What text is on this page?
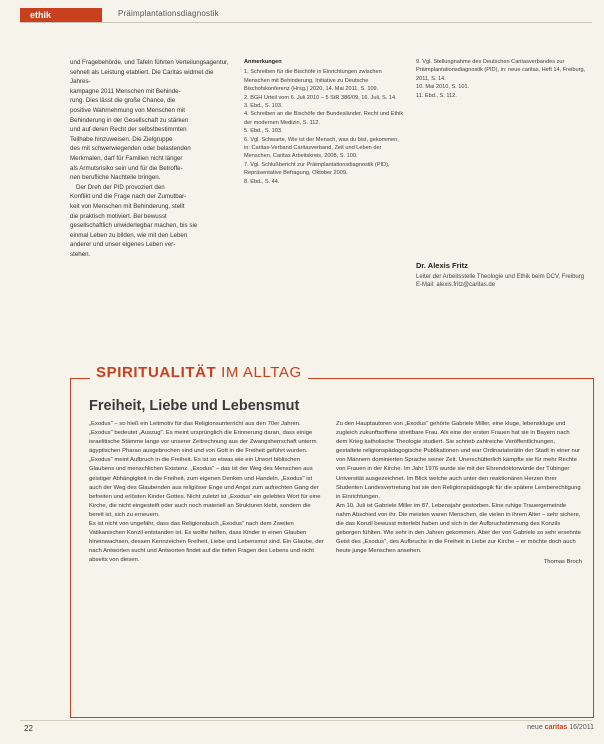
ethik	Präimplantationsdiagnostik

und Fragebehörde, und Tafeln führten Verteilungsagentur, sehnell als Leistung etabliert. Die Caritas widmet die Jahres-

kampagne 2011 Menschen mit Behinde-

rung. Dies lässt die große Chance, die

positive Wahrnehmung von Menschen mit

Behinderung in der Gesellschaft zu stärken

und auf deren Recht der selbstbestimmten

Teilhabe hinzuweisen. Die Zielgruppe

des mit schwerwiegenden oder belastenden

Merkmalen, darf für Familien nicht länger

als Armutsrisiko sein und für die Betroffe-

nen berufliche Nachteile bringen.

Der Dreh der PID provoziert den

Konflikt und die Frage nach der Zumutbar-

keit von Menschen mit Behinderung, stellt

die praktisch motiviert. Bei bewusst

gesellschaftlich unwiderlegbar machen, bis sie

einmal Leben zu bilden, wie mit den Leben

anderer und unser eigenes Leben ver-

stehen.

Anmerkungen
1. Schreiben für die Bischöfe in Einrichtungen zwischen Menschen mit Behinderung, Initiative zu Deutsche Bischofskonferenz (Hrsg.) 2020, 14. Mai 2011, S. 109.
2. BGH Urteil vom 6. Juli 2010 – 5 StR 386/09, 16. Juli, S. 14.
3. Ebd., S. 103.
4. Schreiben an die Bischöfe der Bundesländer, Recht und Ethik der modernen Medizin, S. 112.
5. Ebd., S. 103.
6. Vgl. Schwarte, Wie ist der Mensch, was du bist, gekommen, in: Caritas-Verband Caritasverband, Zeit und Leben der Menschen, Caritas Arbeitskreis, 2008, S. 100.
7. Vgl. Schlußbericht zur Präimplantationsdiagnostik (PID), Repräsentative Befragung, Oktober 2009.
8. Ebd., S. 44.
9. Vgl. Stellungnahme des Deutschen Caritasverbandes zur Präimplantationsdiagnostik (PID), in: neue caritas, Heft 14, Freiburg, 2011, S. 14.
10. Mai 2010, S. 101.
11. Ebd., S. 112.
Dr. Alexis Fritz
Leiter der Arbeitsstelle Theologie und Ethik beim DCV, Freiburg
E-Mail: alexis.fritz@caritas.de
SPIRITUALITÄT IM ALLTAG
Freiheit, Liebe und Lebensmut

„Exodus" – so hieß ein Leitmotiv für das Religionsunterricht aus den 70er Jahren. „Exodus" bedeutet „Auszug". Es meint ursprünglich die Erinnerung daran, dass einige israelitische Stämme lange vor unserer Zeitrechnung aus der Zwangsherrschaft unterm ägyptischen Pharao ausgebrochen sind und von Gott in die Freiheit geführt wurden. „Exodus" meint Aufbruch in die Freiheit. Es ist so etwas wie ein Urwort biblischen Glaubens und menschlichen Existenz. „Exodus" – das ist der Weg des Menschen aus geistiger Abhängigkeit in die Freiheit, zum eigenen Denken und Handeln. „Exodus" ist auch der Weg des Glaubenden aus religiöser Enge und Angst zum aufrechten Gang der befreiten und erlösten Kinder Gottes. Nicht zuletzt ist „Exodus" ein gelebtes Wort für eine Kirche, die nicht eingesteift oder auch noch materiell an Strukturen klebt, sondern die bereit ist, sich zu erneuern.

Es ist nicht von ungefähr, dass das Religionsbuch „Exodus" nach dem Zweiten Vatikanischen Konzil entstanden ist. Es wollte helfen, dass Kinder in einen Glauben hineinwachsen, dessen Kennzeichen Freiheit, Liebe und Lebensmut sind. Ein Glaube, der nach Antworten sucht und Antworten findet auf die tiefen Fragen des Lebens und nicht abseits von diesen.

Zu den Hauptautoren von „Exodus" gehörte Gabriele Miller, eine kluge, lebenskluge und zugleich zukunftsoffene streitbare Frau. Als eine der ersten Frauen hat sie in Bayern nach dem Krieg katholische Theologie studiert. Sie schrieb zahlreiche Veröffentlichungen, gestaltete religionspädagogische Publikationen und war Ordinariatsrätin der Stadt in einer nur von Männern dominierten Sprache seiner Zeit. Unerschütterlich kämpfte sie für mehr Rechte von Frauen in der Kirche. Im Jahr 1976 wurde sie mit der Ehrendoktorwürde der Tübinger Universität ausgezeichnet. Im Blick welche auch unter den reaktionären Herzen ihrer Studenten Landesvertretung hat sie den Religionspädagogik für die spätere Lernberechtigung in Einrichtungen.

Am 10. Juli ist Gabriele Miller im 87. Lebensjahr gestorben. Eine ruhige Trauergemeinde nahm Abschied von ihr. Die meisten waren Menschen, die vielen in ihrem Alter – sehr sichere, die das Konzil bewusst miterlebt haben und sich in der Aufbruchstimmung des Konzils geborgen fühlten. Wie sehr in den Jahren gekommen. Aber der von Gabriele so sehr ersehnte Geist des „Exodus", des Aufbruchs in die Freiheit in Liebe zur Kirche – er möchte doch auch heute junge Menschen ansehen.

Thomas Broch

22	neue caritas 16/2011
